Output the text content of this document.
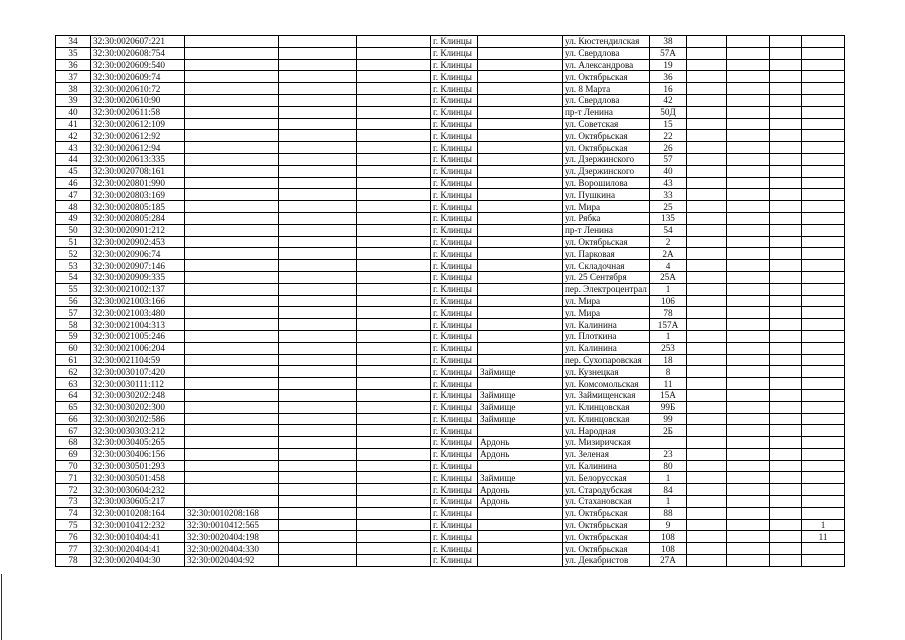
34	32:30:0020607:221				г. Клинцы		ул. Кюстендилская	38				
35	32:30:0020608:754				г. Клинцы		ул. Свердлова	57А				
36	32:30:0020609:540				г. Клинцы		ул. Александрова	19				
37	32:30:0020609:74				г. Клинцы		ул. Октябрьская	36				
38	32:30:0020610:72				г. Клинцы		ул. 8 Марта	16				
39	32:30:0020610:90				г. Клинцы		ул. Свердлова	42				
40	32:30:0020611:58				г. Клинцы		пр-т Ленина	50Д				
41	32:30:0020612:109				г. Клинцы		ул. Советская	15				
42	32:30:0020612:92				г. Клинцы		ул. Октябрьская	22				
43	32:30:0020612:94				г. Клинцы		ул. Октябрьская	26				
44	32:30:0020613:335				г. Клинцы		ул. Дзержинского	57				
45	32:30:0020708:161				г. Клинцы		ул. Дзержинского	40				
46	32:30:0020801:990				г. Клинцы		ул. Ворошилова	43				
47	32:30:0020803:169				г. Клинцы		ул. Пушкина	33				
48	32:30:0020805:185				г. Клинцы		ул. Мира	25				
49	32:30:0020805:284				г. Клинцы		ул. Рябка	135				
50	32:30:0020901:212				г. Клинцы		пр-т Ленина	54				
51	32:30:0020902:453				г. Клинцы		ул. Октябрьская	2				
52	32:30:0020906:74				г. Клинцы		ул. Парковая	2А				
53	32:30:0020907:146				г. Клинцы		ул. Складочная	4				
54	32:30:0020909:335				г. Клинцы		ул. 25 Сентября	25А				
55	32:30:0021002:137				г. Клинцы		пер. Электроцентрал	1				
56	32:30:0021003:166				г. Клинцы		ул. Мира	106				
57	32:30:0021003:480				г. Клинцы		ул. Мира	78				
58	32:30:0021004:313				г. Клинцы		ул. Калинина	157А				
59	32:30:0021005:246				г. Клинцы		ул. Плоткина	1				
60	32:30:0021006:204				г. Клинцы		ул. Калинина	253				
61	32:30:0021104:59				г. Клинцы		пер. Сухопаровская	18				
62	32:30:0030107:420				г. Клинцы	Займище	ул. Кузнецкая	8				
63	32:30:0030111:112				г. Клинцы		ул. Комсомольская	11				
64	32:30:0030202:248				г. Клинцы	Займище	ул. Займищенская	15А				
65	32:30:0030202:300				г. Клинцы	Займище	ул. Клинцовская	99Б				
66	32:30:0030202:586				г. Клинцы	Займище	ул. Клинцовская	99				
67	32:30:0030303:212				г. Клинцы		ул. Народная	2Б				
68	32:30:0030405:265				г. Клинцы	Ардонь	ул. Мизиричская					
69	32:30:0030406:156				г. Клинцы	Ардонь	ул. Зеленая	23				
70	32:30:0030501:293				г. Клинцы		ул. Калинина	80				
71	32:30:0030501:458				г. Клинцы	Займище	ул. Белорусская	1				
72	32:30:0030604:232				г. Клинцы	Ардонь	ул. Стародубская	84				
73	32:30:0030605:217				г. Клинцы	Ардонь	ул. Стахановская	1				
74	32:30:0010208:164	32:30:0010208:168			г. Клинцы		ул. Октябрьская	88				
75	32:30:0010412:232	32:30:0010412:565			г. Клинцы		ул. Октябрьская	9				1
76	32:30:0010404:41	32:30:0020404:198			г. Клинцы		ул. Октябрьская	108				11
77	32:30:0020404:41	32:30:0020404:330			г. Клинцы		ул. Октябрьская	108				
78	32:30:0020404:30	32:30:0020404:92			г. Клинцы		ул. Декабристов	27А				
